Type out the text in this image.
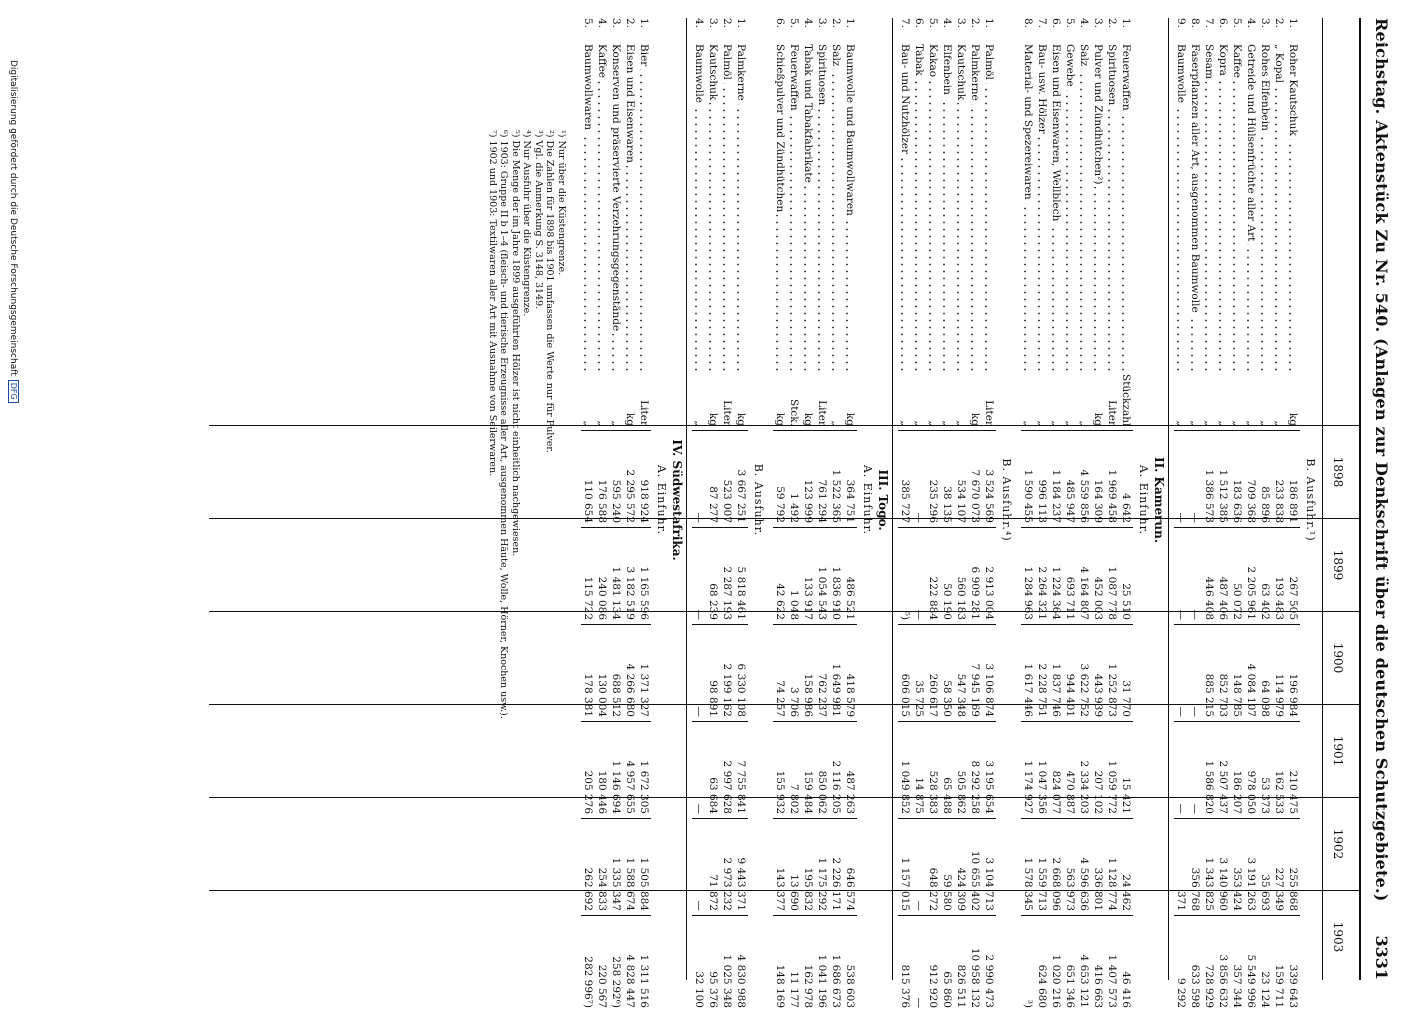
Reichstag. Aktenstück Zu Nr. 540. (Anlagen zur Denkschrift über die deutschen Schutzgebiete.)
3331
1898
1899
1900
1901
1902
1903
B. Ausfuhr.¹)
1.	Roher Kautschuk	kg	186 891	267 505	196 984	210 475	255 868	339 643
2.	„ Kopal	„	233 838	193 483	114 979	162 533	227 349	159 711
3.	Rohes Elfenbein	„	85 896	63 402	64 098	53 373	35 693	23 124
4.	Getreide und Hülsenfrüchte aller Art	„	709 368	2 205 961	4 084 107	978 050	3 191 263	5 549 996
5.	Kaffee	„	183 636	50 072	148 785	186 207	353 424	357 344
6.	Kopra	„	1 512 385	487 406	852 703	2 507 437	3 140 960	3 856 632
7.	Sesam	„	1 386 573	446 408	885 215	1 586 820	1 343 825	728 929
8.	Faserpflanzen aller Art, ausgenommen Baumwolle	„	—	—	—	—	356 768	633 598
9.	Baumwolle	„	—	—	—	—	371	9 292
II. Kamerun.
A. Einfuhr.
1.	Feuerwaffen	Stückzahl	4 642	25 510	31 770	15 421	24 462	46 416
2.	Spirituosen	Liter	1 969 458	1 087 778	1 252 873	1 059 772	1 128 774	1 407 573
3.	Pulver und Zündhütchen²)	kg	164 309	452 003	443 939	207 102	336 801	416 663
4.	Salz	„	4 559 856	4 164 807	3 622 752	2 334 203	4 596 636	4 653 121
5.	Gewebe	„	485 947	693 711	944 401	470 887	563 973	651 346
6.	Eisen und Eisenwaren, Wellblech	„	1 184 237	1 224 364	1 837 746	824 077	2 668 096	1 020 216
7.	Bau- usw. Hölzer	„	996 113	2 264 321	2 228 751	1 047 356	1 559 713	624 680
8.	Material- und Spezereiwaren	„	1 590 455	1 284 963	1 617 446	1 174 927	1 578 345	³)
B. Ausfuhr.⁴)
1.	Palmöl	Liter	3 524 569	2 913 004	3 106 874	3 195 654	3 104 713	2 990 473
2.	Palmkerne	kg	7 670 073	6 909 281	7 945 169	8 292 258	10 655 402	10 958 132
3.	Kautschuk	„	534 107	560 183	547 348	505 862	424 309	826 511
4.	Elfenbein	„	38 135	50 190	58 350	65 488	59 580	65 860
5.	Kakao	„	235 296	222 884	260 617	528 383	648 272	912 920
6.	Tabak	„	—	—	35 725	14 875	—	—
7.	Bau- und Nutzhölzer	„	385 727	⁵)	606 015	1 049 852	1 157 015	815 376
III. Togo.
A. Einfuhr.
1.	Baumwolle und Baumwollwaren	kg	364 751	486 521	418 579	487 263	646 574	538 603
2.	Salz	„	1 522 365	1 836 910	1 649 981	2 116 205	2 226 171	1 686 673
3.	Spirituosen	Liter	761 294	1 054 543	762 237	850 062	1 175 292	1 041 196
4.	Tabak und Tabakfabrikate	kg	123 999	133 917	158 986	159 484	195 832	162 978
5.	Feuerwaffen	Stck.	1 492	1 048	3 706	7 802	13 690	11 177
6.	Schießpulver und Zündhütchen	kg	59 792	42 622	74 257	155 932	143 377	148 169
B. Ausfuhr.
1.	Palmkerne	kg	3 667 251	5 818 461	6 330 108	7 755 841	9 443 371	4 830 988
2.	Palmöl	Liter	523 007	2 287 193	2 199 162	2 997 628	2 973 232	1 025 348
3.	Kautschuk	kg	87 277	68 239	98 891	63 684	71 872	95 376
4.	Baumwolle	„	—	—	—	—	—	32 100
IV. Südwestafrika.
A. Einfuhr.
1.	Bier	Liter	918 924	1 165 596	1 371 327	1 672 305	1 505 884	1 311 516
2.	Eisen und Eisenwaren	kg	2 295 572	3 182 519	4 266 680	4 957 655	1 588 674	4 828 447
3.	Konserven und präservierte Verzehrungsgegenstände	„	595 240	1 481 134	688 512	1 146 694	1 335 347	258 292⁶)
4.	Kaffee	„	176 588	240 086	130 004	180 446	254 833	220 567
5.	Baumwollwaren	„	110 654	115 722	178 381	205 276	262 692	282 996⁷)
¹) Nur über die Küstengrenze.
²) Die Zahlen für 1898 bis 1901 umfassen die Werte nur für Pulver.
³) Vgl. die Anmerkung S. 3148, 3149.
⁴) Nur Ausfuhr über die Küstengrenze.
⁵) Die Menge der im Jahre 1899 ausgeführten Hölzer ist nicht einheitlich nachgewiesen.
⁶) 1903: Gruppe II b 1–4 (fleisch- und tierische Erzeugnisse aller Art, ausgenommen Häute, Wolle, Hörner, Knochen usw.).
⁷) 1902 und 1903: Textilwaren aller Art mit Ausnahme von Seilerwaren.
Digitalisierung gefördert durch die Deutsche ForschungsgemeinschaftDFG
